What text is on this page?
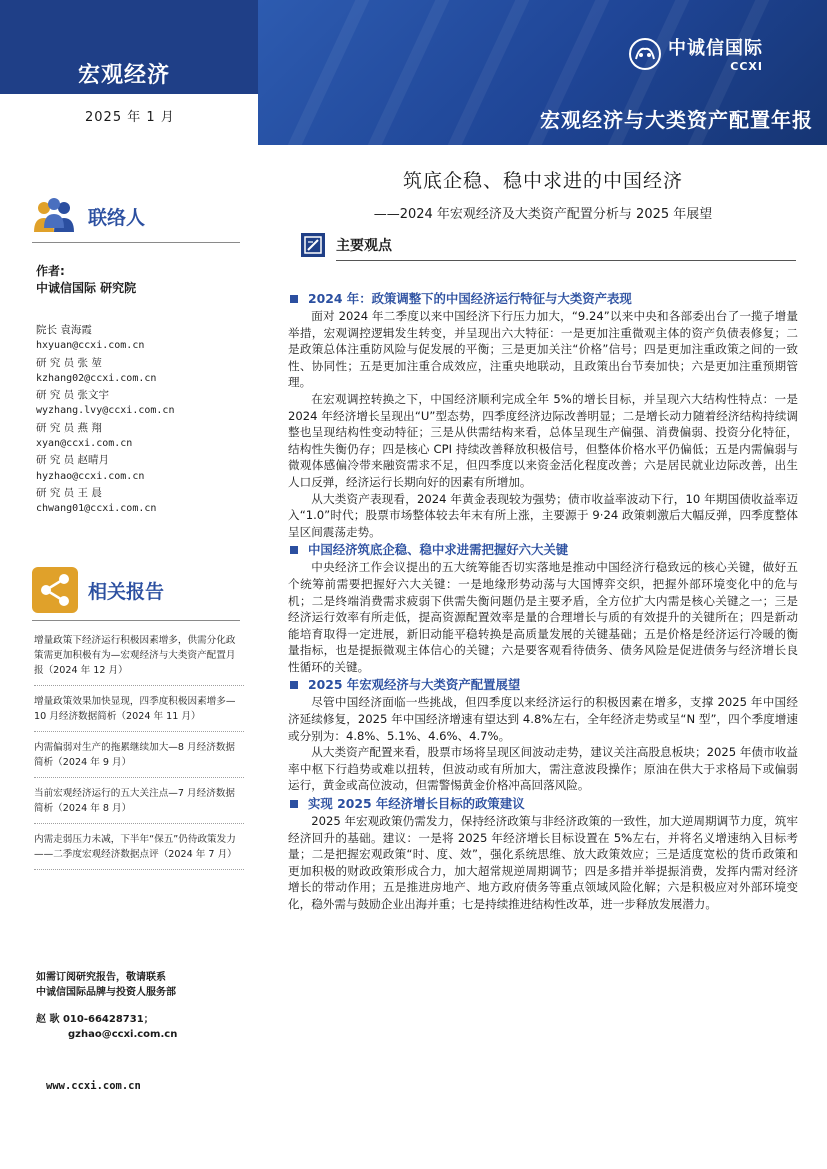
宏观经济
2025 年 1 月
中诚信国际
CCXI
宏观经济与大类资产配置年报
联络人
作者:
中诚信国际 研究院
院长 袁海霞
hxyuan@ccxi.com.cn
研 究 员 张 堃
kzhang02@ccxi.com.cn
研 究 员 张文宇
wyzhang.lvy@ccxi.com.cn
研 究 员 燕 翔
xyan@ccxi.com.cn
研 究 员 赵晴月
hyzhao@ccxi.com.cn
研 究 员 王 晨
chwang01@ccxi.com.cn
相关报告
增量政策下经济运行积极因素增多，供需分化政策需更加积极有为—宏观经济与大类资产配置月报（2024 年 12 月）
增量政策效果加快显现，四季度积极因素增多—10 月经济数据简析（2024 年 11 月）
内需偏弱对生产的拖累继续加大—8 月经济数据简析（2024 年 9 月）
当前宏观经济运行的五大关注点—7 月经济数据简析（2024 年 8 月）
内需走弱压力未减，下半年“保五”仍待政策发力——二季度宏观经济数据点评（2024 年 7 月）
如需订阅研究报告，敬请联系
中诚信国际品牌与投资人服务部
赵 耿 010-66428731；
gzhao@ccxi.com.cn
www.ccxi.com.cn
筑底企稳、稳中求进的中国经济
——2024 年宏观经济及大类资产配置分析与 2025 年展望
主要观点
2024 年：政策调整下的中国经济运行特征与大类资产表现
面对 2024 年二季度以来中国经济下行压力加大，“9.24”以来中央和各部委出台了一揽子增量举措，宏观调控逻辑发生转变，并呈现出六大特征：一是更加注重微观主体的资产负债表修复；二是政策总体注重防风险与促发展的平衡；三是更加关注“价格”信号；四是更加注重政策之间的一致性、协同性；五是更加注重合成效应，注重央地联动，且政策出台节奏加快；六是更加注重预期管理。
在宏观调控转换之下，中国经济顺利完成全年 5%的增长目标，并呈现六大结构性特点：一是 2024 年经济增长呈现出“U”型态势，四季度经济边际改善明显；二是增长动力随着经济结构持续调整也呈现结构性变动特征；三是从供需结构来看，总体呈现生产偏强、消费偏弱、投资分化特征，结构性失衡仍存；四是核心 CPI 持续改善释放积极信号，但整体价格水平仍偏低；五是内需偏弱与微观体感偏冷带来融资需求不足，但四季度以来资金活化程度改善；六是居民就业边际改善，出生人口反弹，经济运行长期向好的因素有所增加。
从大类资产表现看，2024 年黄金表现较为强势；债市收益率波动下行，10 年期国债收益率迈入“1.0”时代；股票市场整体较去年末有所上涨，主要源于 9·24 政策刺激后大幅反弹，四季度整体呈区间震荡走势。
中国经济筑底企稳、稳中求进需把握好六大关键
中央经济工作会议提出的五大统筹能否切实落地是推动中国经济行稳致远的核心关键，做好五个统筹前需要把握好六大关键：一是地缘形势动荡与大国博弈交织，把握外部环境变化中的危与机；二是终端消费需求疲弱下供需失衡问题仍是主要矛盾，全方位扩大内需是核心关键之一；三是经济运行效率有所走低，提高资源配置效率是量的合理增长与质的有效提升的关键所在；四是新动能培育取得一定进展，新旧动能平稳转换是高质量发展的关键基础；五是价格是经济运行冷暖的衡量指标，也是提振微观主体信心的关键；六是要客观看待债务、债务风险是促进债务与经济增长良性循环的关键。
2025 年宏观经济与大类资产配置展望
尽管中国经济面临一些挑战，但四季度以来经济运行的积极因素在增多，支撑 2025 年中国经济延续修复，2025 年中国经济增速有望达到 4.8%左右，全年经济走势或呈“N 型”，四个季度增速或分别为：4.8%、5.1%、4.6%、4.7%。
从大类资产配置来看，股票市场将呈现区间波动走势，建议关注高股息板块；2025 年债市收益率中枢下行趋势或难以扭转，但波动或有所加大，需注意波段操作；原油在供大于求格局下或偏弱运行，黄金或高位波动，但需警惕黄金价格冲高回落风险。
实现 2025 年经济增长目标的政策建议
2025 年宏观政策仍需发力，保持经济政策与非经济政策的一致性，加大逆周期调节力度，筑牢经济回升的基础。建议：一是将 2025 年经济增长目标设置在 5%左右，并将名义增速纳入目标考量；二是把握宏观政策“时、度、效”，强化系统思维、放大政策效应；三是适度宽松的货币政策和更加积极的财政政策形成合力，加大超常规逆周期调节；四是多措并举提振消费，发挥内需对经济增长的带动作用；五是推进房地产、地方政府债务等重点领域风险化解；六是积极应对外部环境变化，稳外需与鼓励企业出海并重；七是持续推进结构性改革，进一步释放发展潜力。
